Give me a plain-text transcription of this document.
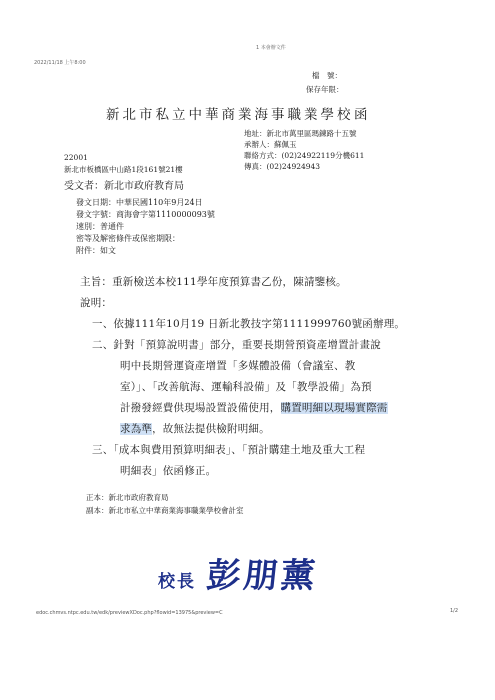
2022/11/18 上午8:00
1 本會辦文件
檔　號：
保存年限：
新北市私立中華商業海事職業學校 函
地址：新北市萬里區瑪鍊路十五號
承辦人：蘇佩玉
聯絡方式：(02)24922119分機611
傳真：(02)24924943
22001
新北市板橋區中山路1段161號21樓
受文者：新北市政府教育局
發文日期：中華民國110年9月24日
發文字號：商海會字第1110000093號
速別：普通件
密等及解密條件或保密期限：
附件：如文
主旨：重新檢送本校111學年度預算書乙份，陳請鑒核。
說明：
一、依據111年10月19 日新北教技字第1111999760號函辦理。
二、針對「預算說明書」部分，重要長期營預資產增置計畫說
明中長期營運資產增置「多媒體設備（會議室、教
室）」、「改善航海、運輸科設備」及「教學設備」為預
計撥發經費供現場設置設備使用，購置明細以現場實際需
求為準，故無法提供檢附明細。
三、「成本與費用預算明細表」、「預計購建土地及重大工程
明細表」依函修正。
正本：新北市政府教育局
副本：新北市私立中華商業海事職業學校會計室
校長 彭朋薰
edoc.chmvs.ntpc.edu.tw/edk/previewXDoc.php?flowid=13975&preview=C	1/2
